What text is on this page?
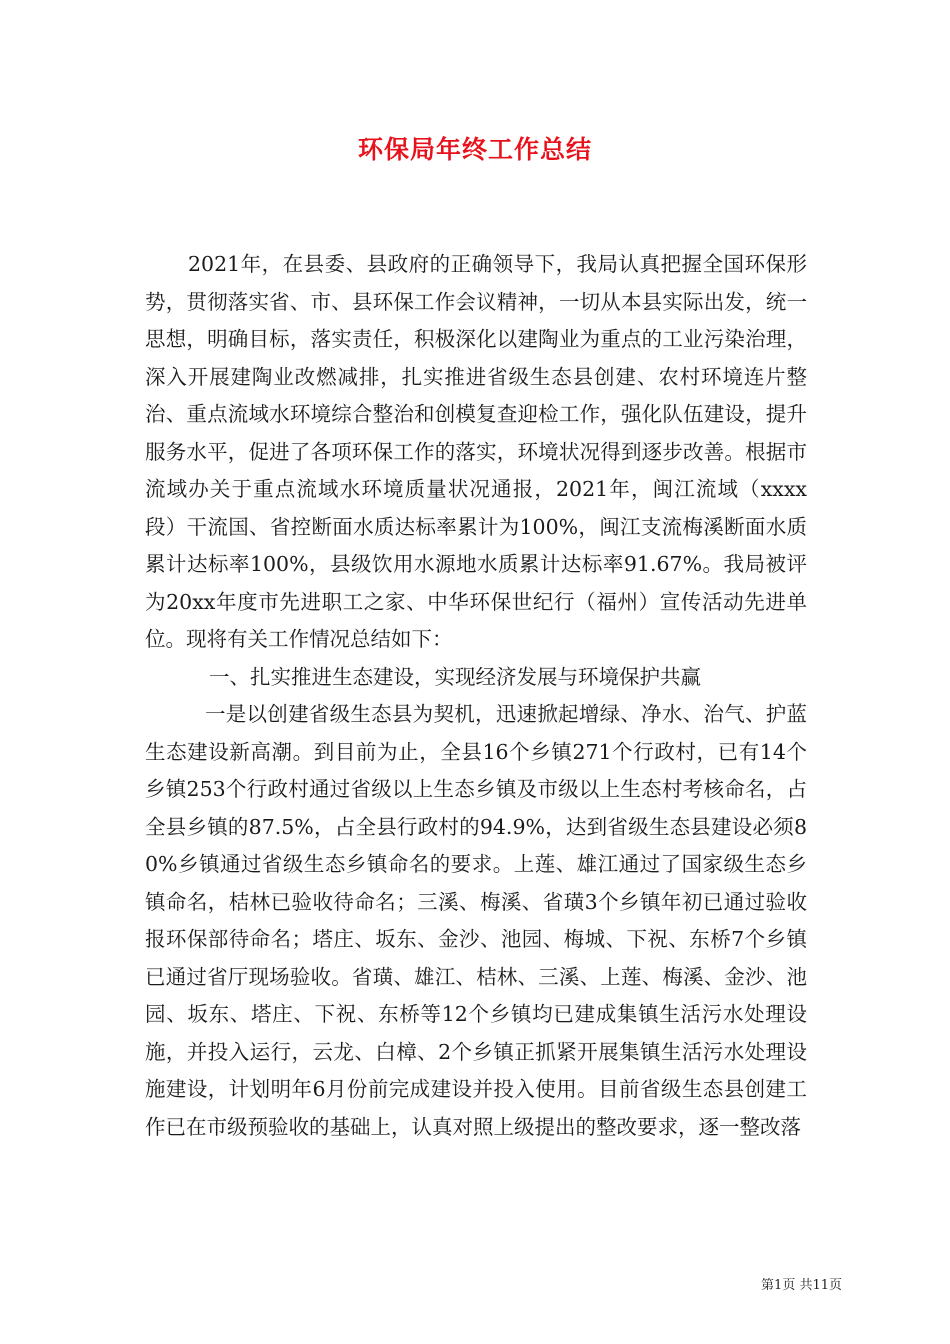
环保局年终工作总结

2021年，在县委、县政府的正确领导下，我局认真把握全国环保形势，贯彻落实省、市、县环保工作会议精神，一切从本县实际出发，统一思想，明确目标，落实责任，积极深化以建陶业为重点的工业污染治理，深入开展建陶业改燃减排，扎实推进省级生态县创建、农村环境连片整治、重点流域水环境综合整治和创模复查迎检工作，强化队伍建设，提升服务水平，促进了各项环保工作的落实，环境状况得到逐步改善。根据市流域办关于重点流域水环境质量状况通报，2021年，闽江流域（xxxx段）干流国、省控断面水质达标率累计为100%，闽江支流梅溪断面水质累计达标率100%，县级饮用水源地水质累计达标率91.67%。我局被评为20xx年度市先进职工之家、中华环保世纪行（福州）宣传活动先进单位。现将有关工作情况总结如下：

一、扎实推进生态建设，实现经济发展与环境保护共赢

一是以创建省级生态县为契机，迅速掀起增绿、净水、治气、护蓝生态建设新高潮。到目前为止，全县16个乡镇271个行政村，已有14个乡镇253个行政村通过省级以上生态乡镇及市级以上生态村考核命名，占全县乡镇的87.5%，占全县行政村的94.9%，达到省级生态县建设必须80%乡镇通过省级生态乡镇命名的要求。上莲、雄江通过了国家级生态乡镇命名，桔林已验收待命名；三溪、梅溪、省璜3个乡镇年初已通过验收报环保部待命名；塔庄、坂东、金沙、池园、梅城、下祝、东桥7个乡镇已通过省厅现场验收。省璜、雄江、桔林、三溪、上莲、梅溪、金沙、池园、坂东、塔庄、下祝、东桥等12个乡镇均已建成集镇生活污水处理设施，并投入运行，云龙、白樟、2个乡镇正抓紧开展集镇生活污水处理设施建设，计划明年6月份前完成建设并投入使用。目前省级生态县创建工作已在市级预验收的基础上，认真对照上级提出的整改要求，逐一整改落

第1页 共11页
